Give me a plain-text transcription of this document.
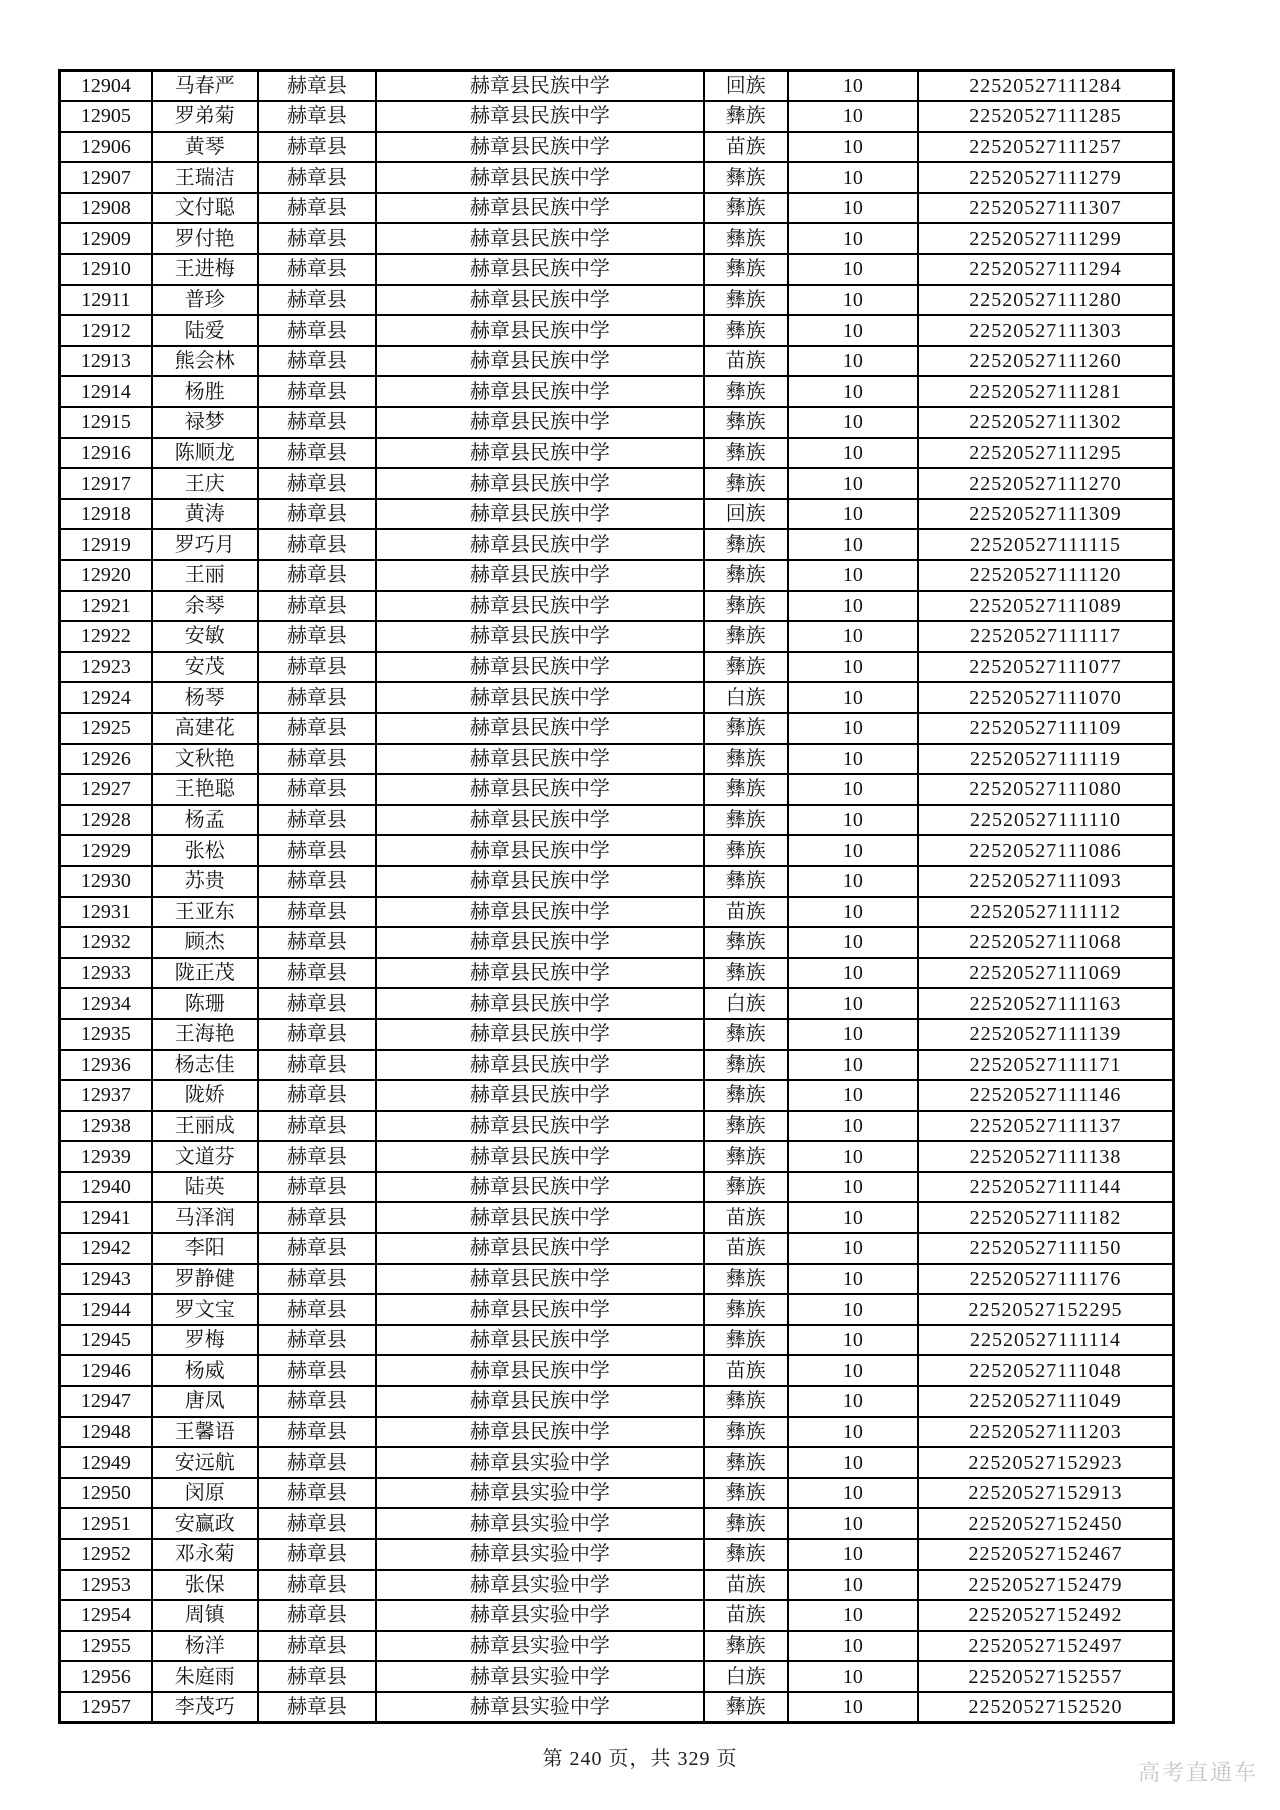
12904	马春严	赫章县	赫章县民族中学	回族	10	22520527111284
12905	罗弟菊	赫章县	赫章县民族中学	彝族	10	22520527111285
12906	黄琴	赫章县	赫章县民族中学	苗族	10	22520527111257
12907	王瑞洁	赫章县	赫章县民族中学	彝族	10	22520527111279
12908	文付聪	赫章县	赫章县民族中学	彝族	10	22520527111307
12909	罗付艳	赫章县	赫章县民族中学	彝族	10	22520527111299
12910	王进梅	赫章县	赫章县民族中学	彝族	10	22520527111294
12911	普珍	赫章县	赫章县民族中学	彝族	10	22520527111280
12912	陆爱	赫章县	赫章县民族中学	彝族	10	22520527111303
12913	熊会林	赫章县	赫章县民族中学	苗族	10	22520527111260
12914	杨胜	赫章县	赫章县民族中学	彝族	10	22520527111281
12915	禄梦	赫章县	赫章县民族中学	彝族	10	22520527111302
12916	陈顺龙	赫章县	赫章县民族中学	彝族	10	22520527111295
12917	王庆	赫章县	赫章县民族中学	彝族	10	22520527111270
12918	黄涛	赫章县	赫章县民族中学	回族	10	22520527111309
12919	罗巧月	赫章县	赫章县民族中学	彝族	10	22520527111115
12920	王丽	赫章县	赫章县民族中学	彝族	10	22520527111120
12921	余琴	赫章县	赫章县民族中学	彝族	10	22520527111089
12922	安敏	赫章县	赫章县民族中学	彝族	10	22520527111117
12923	安茂	赫章县	赫章县民族中学	彝族	10	22520527111077
12924	杨琴	赫章县	赫章县民族中学	白族	10	22520527111070
12925	高建花	赫章县	赫章县民族中学	彝族	10	22520527111109
12926	文秋艳	赫章县	赫章县民族中学	彝族	10	22520527111119
12927	王艳聪	赫章县	赫章县民族中学	彝族	10	22520527111080
12928	杨孟	赫章县	赫章县民族中学	彝族	10	22520527111110
12929	张松	赫章县	赫章县民族中学	彝族	10	22520527111086
12930	苏贵	赫章县	赫章县民族中学	彝族	10	22520527111093
12931	王亚东	赫章县	赫章县民族中学	苗族	10	22520527111112
12932	顾杰	赫章县	赫章县民族中学	彝族	10	22520527111068
12933	陇正茂	赫章县	赫章县民族中学	彝族	10	22520527111069
12934	陈珊	赫章县	赫章县民族中学	白族	10	22520527111163
12935	王海艳	赫章县	赫章县民族中学	彝族	10	22520527111139
12936	杨志佳	赫章县	赫章县民族中学	彝族	10	22520527111171
12937	陇娇	赫章县	赫章县民族中学	彝族	10	22520527111146
12938	王丽成	赫章县	赫章县民族中学	彝族	10	22520527111137
12939	文道芬	赫章县	赫章县民族中学	彝族	10	22520527111138
12940	陆英	赫章县	赫章县民族中学	彝族	10	22520527111144
12941	马泽润	赫章县	赫章县民族中学	苗族	10	22520527111182
12942	李阳	赫章县	赫章县民族中学	苗族	10	22520527111150
12943	罗静健	赫章县	赫章县民族中学	彝族	10	22520527111176
12944	罗文宝	赫章县	赫章县民族中学	彝族	10	22520527152295
12945	罗梅	赫章县	赫章县民族中学	彝族	10	22520527111114
12946	杨威	赫章县	赫章县民族中学	苗族	10	22520527111048
12947	唐凤	赫章县	赫章县民族中学	彝族	10	22520527111049
12948	王馨语	赫章县	赫章县民族中学	彝族	10	22520527111203
12949	安远航	赫章县	赫章县实验中学	彝族	10	22520527152923
12950	闵原	赫章县	赫章县实验中学	彝族	10	22520527152913
12951	安赢政	赫章县	赫章县实验中学	彝族	10	22520527152450
12952	邓永菊	赫章县	赫章县实验中学	彝族	10	22520527152467
12953	张保	赫章县	赫章县实验中学	苗族	10	22520527152479
12954	周镇	赫章县	赫章县实验中学	苗族	10	22520527152492
12955	杨洋	赫章县	赫章县实验中学	彝族	10	22520527152497
12956	朱庭雨	赫章县	赫章县实验中学	白族	10	22520527152557
12957	李茂巧	赫章县	赫章县实验中学	彝族	10	22520527152520
第 240 页，共 329 页
高考直通车
